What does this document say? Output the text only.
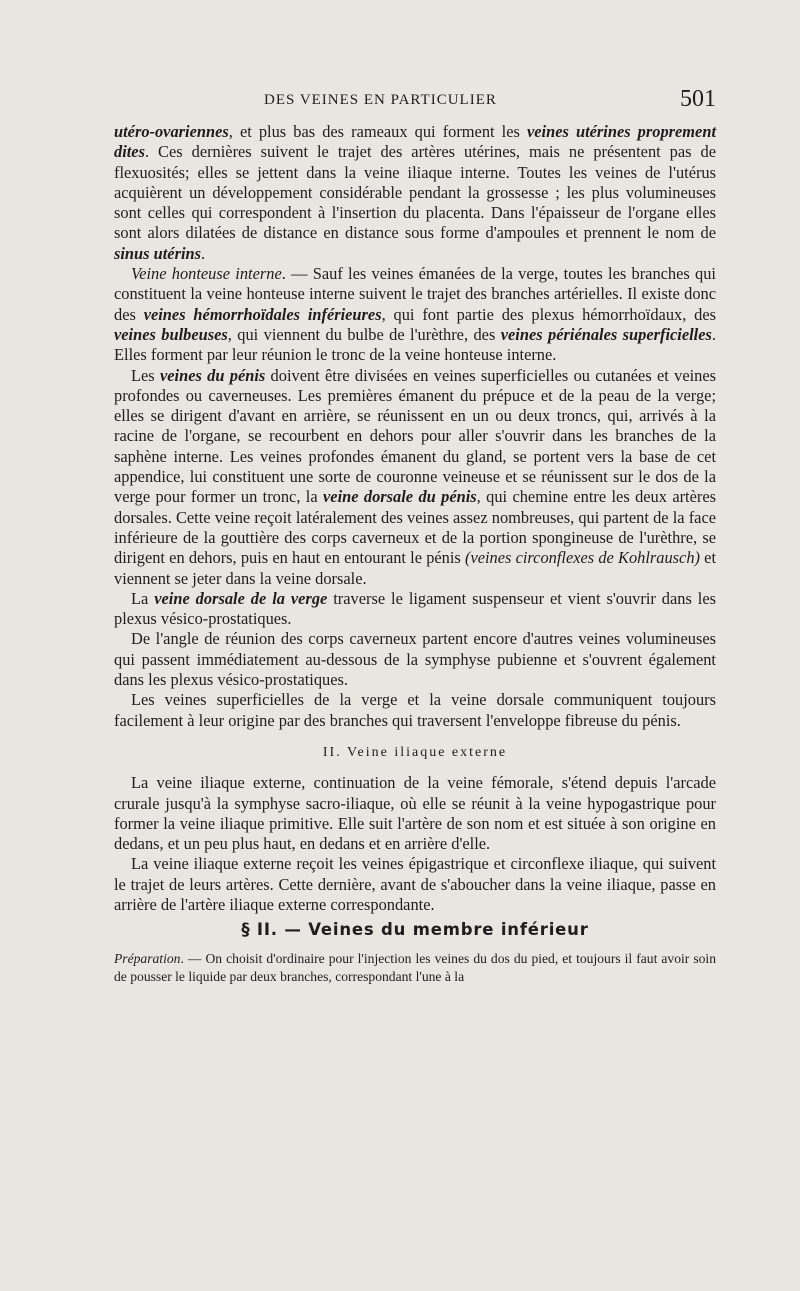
DES VEINES EN PARTICULIER	501

utéro-ovariennes, et plus bas des rameaux qui forment les veines utérines proprement dites. Ces dernières suivent le trajet des artères utérines, mais ne présentent pas de flexuosités; elles se jettent dans la veine iliaque interne. Toutes les veines de l'utérus acquièrent un développement considérable pendant la grossesse ; les plus volumineuses sont celles qui correspondent à l'insertion du placenta. Dans l'épaisseur de l'organe elles sont alors dilatées de distance en distance sous forme d'ampoules et prennent le nom de sinus utérins.

Veine honteuse interne. — Sauf les veines émanées de la verge, toutes les branches qui constituent la veine honteuse interne suivent le trajet des branches artérielles. Il existe donc des veines hémorrhoïdales inférieures, qui font partie des plexus hémorrhoïdaux, des veines bulbeuses, qui viennent du bulbe de l'urèthre, des veines périénales superficielles. Elles forment par leur réunion le tronc de la veine honteuse interne.

Les veines du pénis doivent être divisées en veines superficielles ou cutanées et veines profondes ou caverneuses. Les premières émanent du prépuce et de la peau de la verge; elles se dirigent d'avant en arrière, se réunissent en un ou deux troncs, qui, arrivés à la racine de l'organe, se recourbent en dehors pour aller s'ouvrir dans les branches de la saphène interne. Les veines profondes émanent du gland, se portent vers la base de cet appendice, lui constituent une sorte de couronne veineuse et se réunissent sur le dos de la verge pour former un tronc, la veine dorsale du pénis, qui chemine entre les deux artères dorsales. Cette veine reçoit latéralement des veines assez nombreuses, qui partent de la face inférieure de la gouttière des corps caverneux et de la portion spongineuse de l'urèthre, se dirigent en dehors, puis en haut en entourant le pénis (veines circonflexes de Kohlrausch) et viennent se jeter dans la veine dorsale.

La veine dorsale de la verge traverse le ligament suspenseur et vient s'ouvrir dans les plexus vésico-prostatiques.

De l'angle de réunion des corps caverneux partent encore d'autres veines volumineuses qui passent immédiatement au-dessous de la symphyse pubienne et s'ouvrent également dans les plexus vésico-prostatiques.

Les veines superficielles de la verge et la veine dorsale communiquent toujours facilement à leur origine par des branches qui traversent l'enveloppe fibreuse du pénis.

II. Veine iliaque externe

La veine iliaque externe, continuation de la veine fémorale, s'étend depuis l'arcade crurale jusqu'à la symphyse sacro-iliaque, où elle se réunit à la veine hypogastrique pour former la veine iliaque primitive. Elle suit l'artère de son nom et est située à son origine en dedans, et un peu plus haut, en dedans et en arrière d'elle.

La veine iliaque externe reçoit les veines épigastrique et circonflexe iliaque, qui suivent le trajet de leurs artères. Cette dernière, avant de s'aboucher dans la veine iliaque, passe en arrière de l'artère iliaque externe correspondante.

§ II. — Veines du membre inférieur

Préparation. — On choisit d'ordinaire pour l'injection les veines du dos du pied, et toujours il faut avoir soin de pousser le liquide par deux branches, correspondant l'une à la
